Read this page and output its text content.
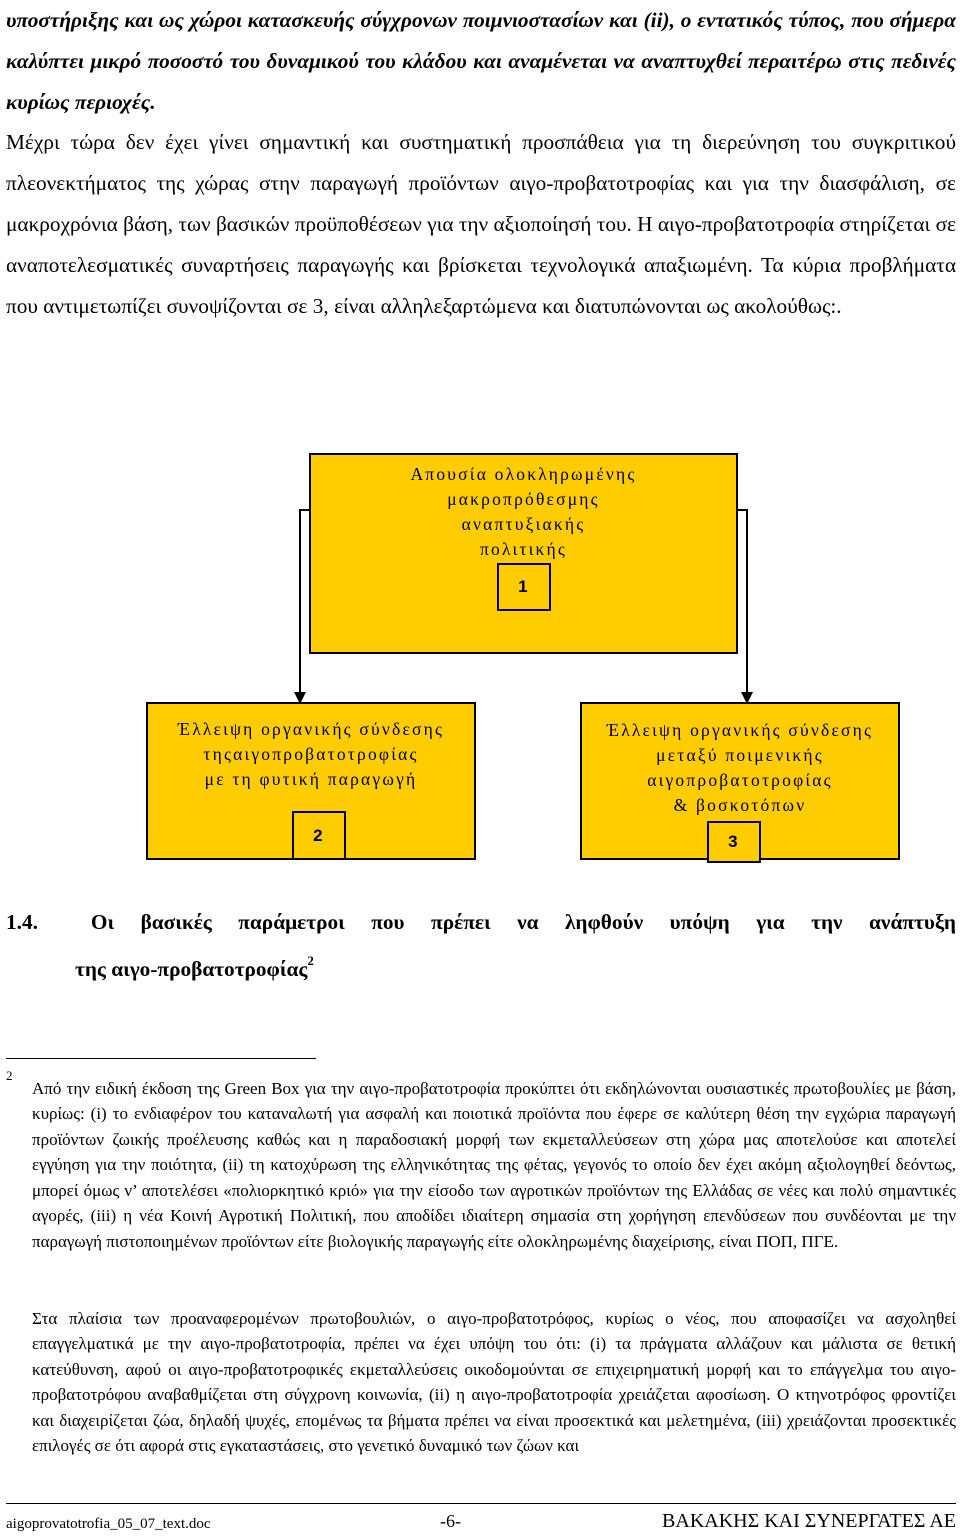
υποστήριξης και ως χώροι κατασκευής σύγχρονων ποιμνιοστασίων και (ii), ο εντατικός τύπος, που σήμερα καλύπτει μικρό ποσοστό του δυναμικού του κλάδου και αναμένεται να αναπτυχθεί περαιτέρω στις πεδινές κυρίως περιοχές.

Μέχρι τώρα δεν έχει γίνει σημαντική και συστηματική προσπάθεια για τη διερεύνηση του συγκριτικού πλεονεκτήματος της χώρας στην παραγωγή προϊόντων αιγο-προβατοτροφίας και για την διασφάλιση, σε μακροχρόνια βάση, των βασικών προϋποθέσεων για την αξιοποίησή του. Η αιγο-προβατοτροφία στηρίζεται σε αναποτελεσματικές συναρτήσεις παραγωγής και βρίσκεται τεχνολογικά απαξιωμένη. Τα κύρια προβλήματα που αντιμετωπίζει συνοψίζονται σε 3, είναι αλληλεξαρτώμενα και διατυπώνονται ως ακολούθως:.

Απουσία ολοκληρωμένης
μακροπρόθεσμης
αναπτυξιακής
πολιτικής
1
Έλλειψη οργανικής σύνδεσης
τηςαιγοπροβατοτροφίας
με τη φυτική παραγωγή
2
Έλλειψη οργανικής σύνδεσης
μεταξύ ποιμενικής
αιγοπροβατοτροφίας
& βοσκοτόπων
3

1.4. Οι βασικές παράμετροι που πρέπει να ληφθούν υπόψη για την ανάπτυξη

της αιγο-προβατοτροφίας$^2$

2

Από την ειδική έκδοση της Green Box για την αιγο-προβατοτροφία προκύπτει ότι εκδηλώνονται ουσιαστικές πρωτοβουλίες με βάση, κυρίως: (i) το ενδιαφέρον του καταναλωτή για ασφαλή και ποιοτικά προϊόντα που έφερε σε καλύτερη θέση την εγχώρια παραγωγή προϊόντων ζωικής προέλευσης καθώς και η παραδοσιακή μορφή των εκμεταλλεύσεων στη χώρα μας αποτελούσε και αποτελεί εγγύηση για την ποιότητα, (ii) τη κατοχύρωση της ελληνικότητας της φέτας, γεγονός το οποίο δεν έχει ακόμη αξιολογηθεί δεόντως, μπορεί όμως ν’ αποτελέσει «πολιορκητικό κριό» για την είσοδο των αγροτικών προϊόντων της Ελλάδας σε νέες και πολύ σημαντικές αγορές, (iii) η νέα Κοινή Αγροτική Πολιτική, που αποδίδει ιδιαίτερη σημασία στη χορήγηση επενδύσεων που συνδέονται με την παραγωγή πιστοποιημένων προϊόντων είτε βιολογικής παραγωγής είτε ολοκληρωμένης διαχείρισης, είναι ΠΟΠ, ΠΓΕ.

Στα πλαίσια των προαναφερομένων πρωτοβουλιών, ο αιγο-προβατοτρόφος, κυρίως ο νέος, που αποφασίζει να ασχοληθεί επαγγελματικά με την αιγο-προβατοτροφία, πρέπει να έχει υπόψη του ότι: (i) τα πράγματα αλλάζουν και μάλιστα σε θετική κατεύθυνση, αφού οι αιγο-προβατοτροφικές εκμεταλλεύσεις οικοδομούνται σε επιχειρηματική μορφή και το επάγγελμα του αιγο-προβατοτρόφου αναβαθμίζεται στη σύγχρονη κοινωνία, (ii) η αιγο-προβατοτροφία χρειάζεται αφοσίωση. Ο κτηνοτρόφος φροντίζει και διαχειρίζεται ζώα, δηλαδή ψυχές, επομένως τα βήματα πρέπει να είναι προσεκτικά και μελετημένα, (iii) χρειάζονται προσεκτικές επιλογές σε ότι αφορά στις εγκαταστάσεις, στο γενετικό δυναμικό των ζώων και

aigoprovatotrofia_05_07_text.doc	-6-	ΒΑΚΑΚΗΣ ΚΑΙ ΣΥΝΕΡΓΑΤΕΣ ΑΕ
